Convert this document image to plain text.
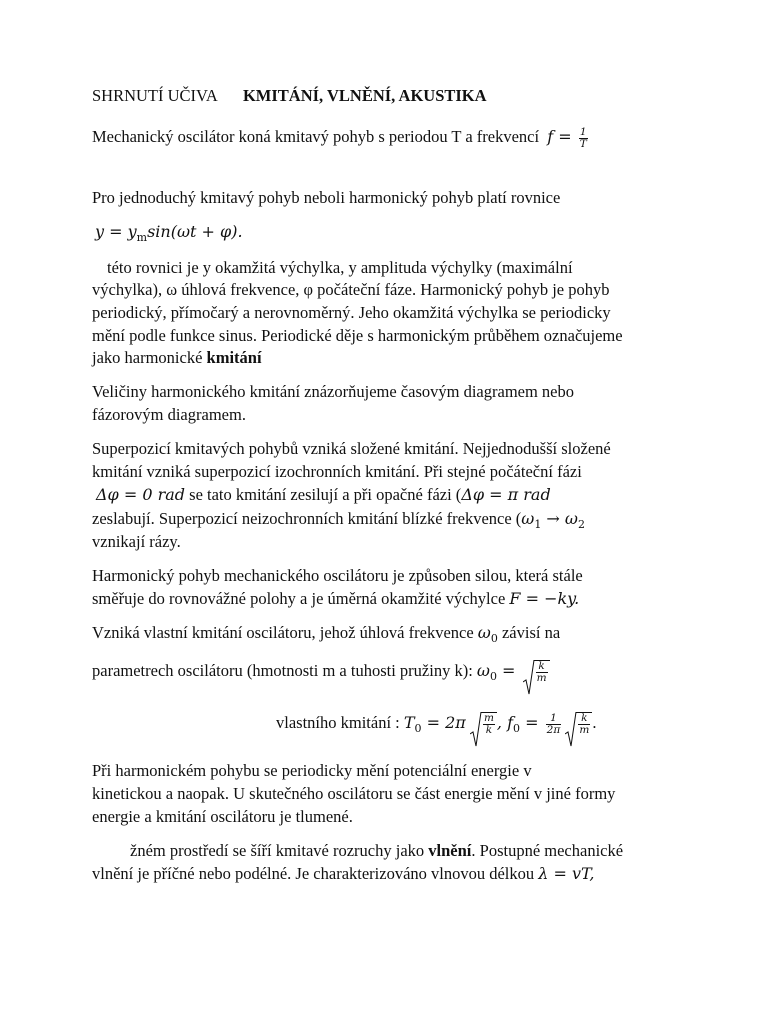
SHRNUTÍ UČIVA KMITÁNÍ, VLNĚNÍ, AKUSTIKA
Mechanický oscilátor koná kmitavý pohyb s periodou T a frekvencí $f = \frac{1}{T}$
Pro jednoduchý kmitavý pohyb neboli harmonický pohyb platí rovnice
$y = y_m\sin(\omega t + \varphi)$.
této rovnici je y okamžitá výchylka, y amplituda výchylky (maximální
výchylka), ω úhlová frekvence, φ počáteční fáze. Harmonický pohyb je pohyb
periodický, přímočarý a nerovnoměrný. Jeho okamžitá výchylka se periodicky
mění podle funkce sinus. Periodické děje s harmonickým průběhem označujeme
jako harmonické kmitání
Veličiny harmonického kmitání znázorňujeme časovým diagramem nebo
fázorovým diagramem.
Superpozicí kmitavých pohybů vzniká složené kmitání. Nejjednodušší složené
kmitání vzniká superpozicí izochronních kmitání. Při stejné počáteční fázi
Δφ = 0 rad se tato kmitání zesilují a při opačné fázi (Δφ = π rad
zeslabují. Superpozicí neizochronních kmitání blízké frekvence ($\omega_1 \to \omega_2$
vznikají rázy.
Harmonický pohyb mechanického oscilátoru je způsoben silou, která stále
směřuje do rovnovážné polohy a je úměrná okamžité výchylce F = −ky.
Vzniká vlastní kmitání oscilátoru, jehož úhlová frekvence $\omega_0$ závisí na
parametrech oscilátoru (hmotnosti m a tuhosti pružiny k): $\omega_0 = \frac{k}{m}$
vlastního kmitání : $T_0 = 2\pi \frac{m}{k}$ , $f_0 = \frac{1}{2\pi}$
$\frac{k}{m}$ .
Při harmonickém pohybu se periodicky mění potenciální energie v
kinetickou a naopak. U skutečného oscilátoru se část energie mění v jiné formy
energie a kmitání oscilátoru je tlumené.
žném prostředí se šíří kmitavé rozruchy jako vlnění. Postupné mechanické
vlnění je příčné nebo podélné. Je charakterizováno vlnovou délkou λ = vT,
